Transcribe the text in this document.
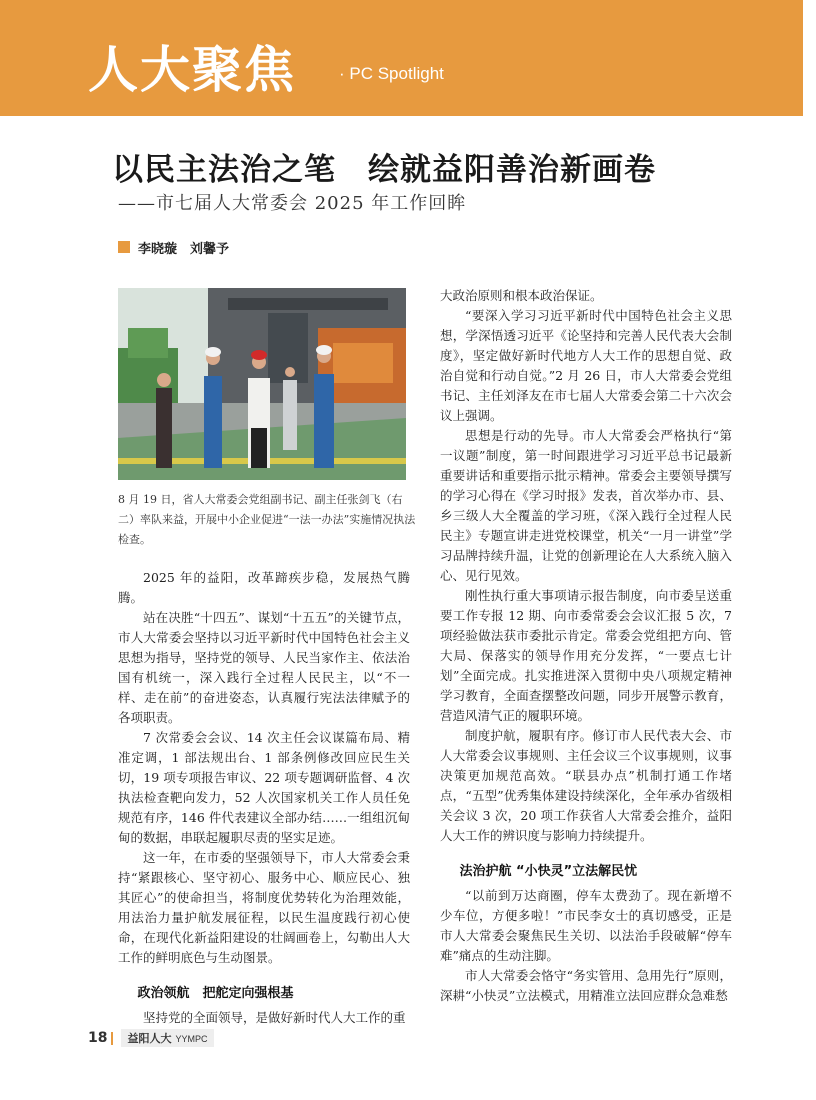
人大聚焦	· PC Spotlight
以民主法治之笔　绘就益阳善治新画卷
——市七届人大常委会 2025 年工作回眸
李晓璇　刘馨予
8 月 19 日，省人大常委会党组副书记、副主任张剑飞（右二）率队来益，开展中小企业促进“一法一办法”实施情况执法检查。

2025 年的益阳，改革蹄疾步稳，发展热气腾腾。

站在决胜“十四五”、谋划“十五五”的关键节点，市人大常委会坚持以习近平新时代中国特色社会主义思想为指导，坚持党的领导、人民当家作主、依法治国有机统一，深入践行全过程人民民主，以“不一样、走在前”的奋进姿态，认真履行宪法法律赋予的各项职责。

7 次常委会会议、14 次主任会议谋篇布局、精准定调，1 部法规出台、1 部条例修改回应民生关切，19 项专项报告审议、22 项专题调研监督、4 次执法检查靶向发力，52 人次国家机关工作人员任免规范有序，146 件代表建议全部办结……一组组沉甸甸的数据，串联起履职尽责的坚实足迹。

这一年，在市委的坚强领导下，市人大常委会秉持“紧跟核心、坚守初心、服务中心、顺应民心、独其匠心”的使命担当，将制度优势转化为治理效能，用法治力量护航发展征程，以民生温度践行初心使命，在现代化新益阳建设的壮阔画卷上，勾勒出人大工作的鲜明底色与生动图景。

政治领航　把舵定向强根基

坚持党的全面领导，是做好新时代人大工作的重

大政治原则和根本政治保证。

“要深入学习习近平新时代中国特色社会主义思想，学深悟透习近平《论坚持和完善人民代表大会制度》，坚定做好新时代地方人大工作的思想自觉、政治自觉和行动自觉。”2 月 26 日，市人大常委会党组书记、主任刘泽友在市七届人大常委会第二十六次会议上强调。

思想是行动的先导。市人大常委会严格执行“第一议题”制度，第一时间跟进学习习近平总书记最新重要讲话和重要指示批示精神。常委会主要领导撰写的学习心得在《学习时报》发表，首次举办市、县、乡三级人大全覆盖的学习班，《深入践行全过程人民民主》专题宣讲走进党校课堂，机关“一月一讲堂”学习品牌持续升温，让党的创新理论在人大系统入脑入心、见行见效。

刚性执行重大事项请示报告制度，向市委呈送重要工作专报 12 期、向市委常委会会议汇报 5 次，7 项经验做法获市委批示肯定。常委会党组把方向、管大局、保落实的领导作用充分发挥，“一要点七计划”全面完成。扎实推进深入贯彻中央八项规定精神学习教育，全面查摆整改问题，同步开展警示教育，营造风清气正的履职环境。

制度护航，履职有序。修订市人民代表大会、市人大常委会议事规则、主任会议三个议事规则，议事决策更加规范高效。“联县办点”机制打通工作堵点，“五型”优秀集体建设持续深化，全年承办省级相关会议 3 次，20 项工作获省人大常委会推介，益阳人大工作的辨识度与影响力持续提升。

法治护航 “小快灵”立法解民忧

“以前到万达商圈，停车太费劲了。现在新增不少车位，方便多啦！”市民李女士的真切感受，正是市人大常委会聚焦民生关切、以法治手段破解“停车难”痛点的生动注脚。

市人大常委会恪守“务实管用、急用先行”原则，深耕“小快灵”立法模式，用精准立法回应群众急难愁

18	益阳人大 YYMPC
